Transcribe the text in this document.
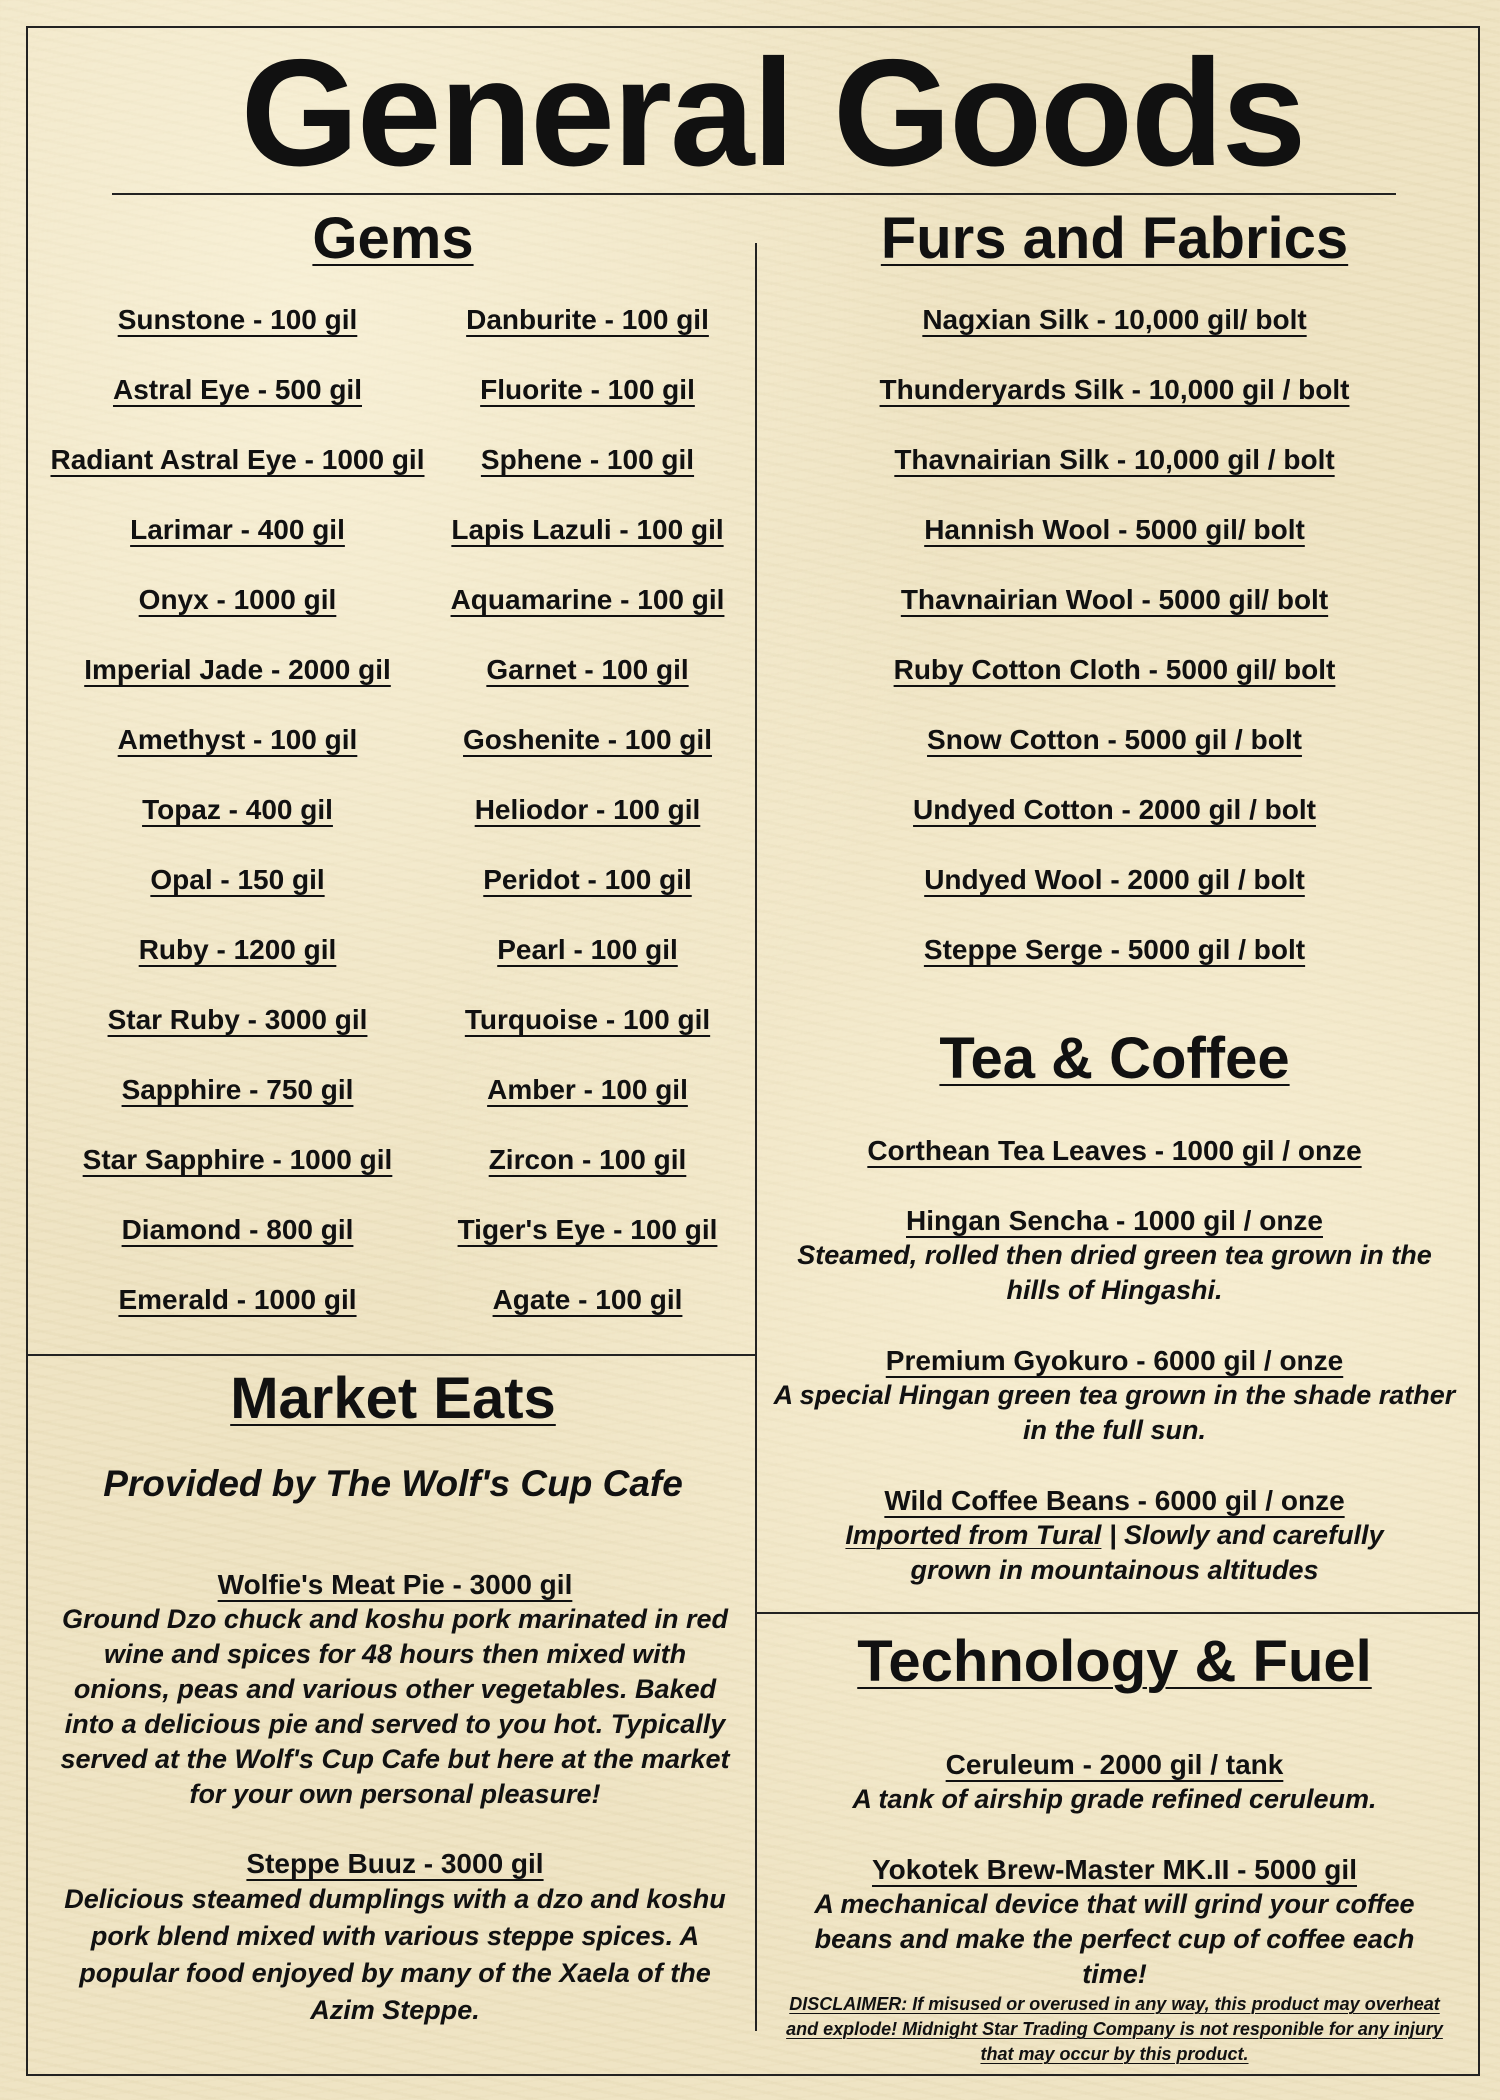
General Goods
Gems
Sunstone - 100 gil
Astral Eye - 500 gil
Radiant Astral Eye - 1000 gil
Larimar - 400 gil
Onyx - 1000 gil
Imperial Jade - 2000 gil
Amethyst - 100 gil
Topaz - 400 gil
Opal - 150 gil
Ruby - 1200 gil
Star Ruby - 3000 gil
Sapphire - 750 gil
Star Sapphire - 1000 gil
Diamond - 800 gil
Emerald - 1000 gil
Danburite - 100 gil
Fluorite - 100 gil
Sphene - 100 gil
Lapis Lazuli - 100 gil
Aquamarine - 100 gil
Garnet - 100 gil
Goshenite - 100 gil
Heliodor - 100 gil
Peridot - 100 gil
Pearl - 100 gil
Turquoise - 100 gil
Amber - 100 gil
Zircon - 100 gil
Tiger's Eye - 100 gil
Agate - 100 gil
Furs and Fabrics
Nagxian Silk - 10,000 gil/ bolt
Thunderyards Silk - 10,000 gil / bolt
Thavnairian Silk - 10,000 gil / bolt
Hannish Wool - 5000 gil/ bolt
Thavnairian Wool - 5000 gil/ bolt
Ruby Cotton Cloth - 5000 gil/ bolt
Snow Cotton - 5000 gil / bolt
Undyed Cotton - 2000 gil / bolt
Undyed Wool - 2000 gil / bolt
Steppe Serge - 5000 gil / bolt
Tea & Coffee
Corthean Tea Leaves - 1000 gil / onze
Hingan Sencha - 1000 gil / onze
Steamed, rolled then dried green tea grown in the hills of Hingashi.
Premium Gyokuro - 6000 gil / onze
A special Hingan green tea grown in the shade rather in the full sun.
Wild Coffee Beans - 6000 gil / onze
Imported from Tural | Slowly and carefully grown in mountainous altitudes
Market Eats
Provided by The Wolf's Cup Cafe
Wolfie's Meat Pie - 3000 gil
Ground Dzo chuck and koshu pork marinated in red wine and spices for 48 hours then mixed with onions, peas and various other vegetables. Baked into a delicious pie and served to you hot. Typically served at the Wolf's Cup Cafe but here at the market for your own personal pleasure!
Steppe Buuz - 3000 gil
Delicious steamed dumplings with a dzo and koshu pork blend mixed with various steppe spices. A popular food enjoyed by many of the Xaela of the Azim Steppe.
Technology & Fuel
Ceruleum - 2000 gil / tank
A tank of airship grade refined ceruleum.
Yokotek Brew-Master MK.II - 5000 gil
A mechanical device that will grind your coffee beans and make the perfect cup of coffee each time!
DISCLAIMER: If misused or overused in any way, this product may overheat and explode! Midnight Star Trading Company is not responible for any injury that may occur by this product.
